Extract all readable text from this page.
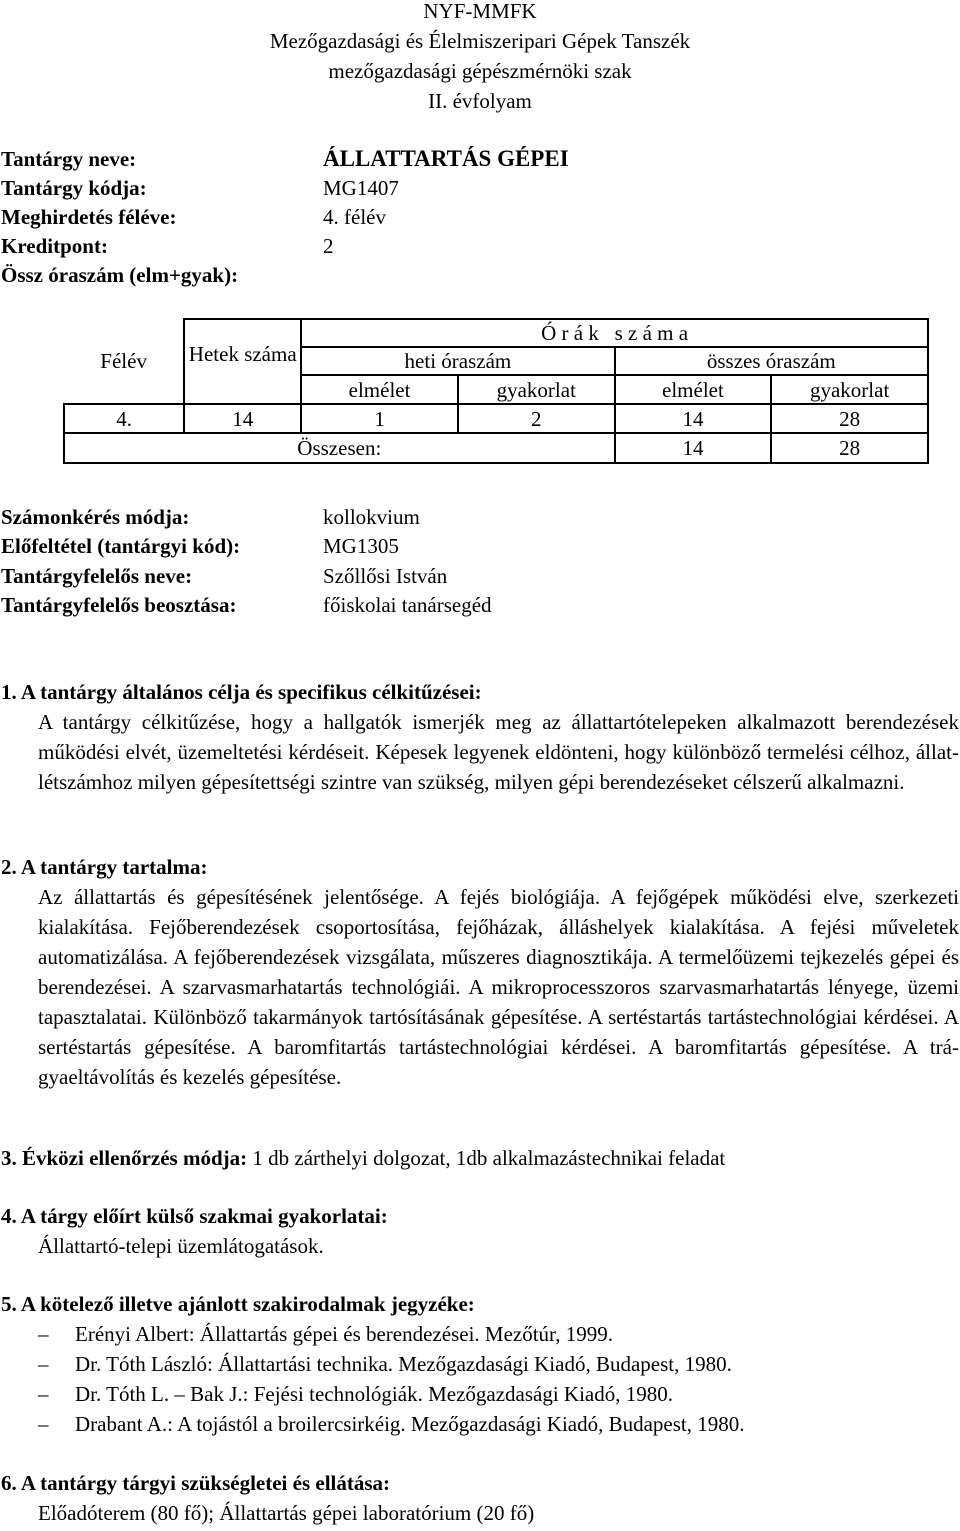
NYF-MMFK
Mezőgazdasági és Élelmiszeripari Gépek Tanszék
mezőgazdasági gépészmérnöki szak
II. évfolyam
Tantárgy neve:	ÁLLATTARTÁS GÉPEI
Tantárgy kódja:	MG1407
Meghirdetés féléve:	4. félév
Kreditpont:	2
Össz óraszám (elm+gyak):
Félév	Hetek száma	Ó r á k   s z á m a			
		heti óraszám		összes óraszám	
		elmélet	gyakorlat	elmélet	gyakorlat
4.	14	1	2	14	28
Összesen:				14	28
Számonkérés módja:	kollokvium
Előfeltétel (tantárgyi kód):	MG1305
Tantárgyfelelős neve:	Szőllősi István
Tantárgyfelelős beosztása:	főiskolai tanársegéd
1. A tantárgy általános célja és specifikus célkitűzései:
A tantárgy célkitűzése, hogy a hallgatók ismerjék meg az állattartótelepeken alkalmazott berendezések működési elvét, üzemeltetési kérdéseit. Képesek legyenek eldönteni, hogy különböző termelési célhoz, állat-létszámhoz milyen gépesítettségi szintre van szükség, milyen gépi berendezéseket célszerű alkalmazni.
2. A tantárgy tartalma:
Az állattartás és gépesítésének jelentősége. A fejés biológiája. A fejőgépek működési elve, szerkezeti kialakítása. Fejőberendezések csoportosítása, fejőházak, álláshelyek kialakítása. A fejési műveletek automatizálása. A fejőberendezések vizsgálata, műszeres diagnosztikája. A termelőüzemi tejkezelés gépei és berendezései. A szarvasmarhatartás technológiái. A mikroprocesszoros szarvasmarhatartás lényege, üzemi tapasztalatai. Különböző takarmányok tartósításának gépesítése. A sertéstartás tartástechnológiai kérdései. A sertéstartás gépesítése. A baromfitartás tartástechnológiai kérdései. A baromfitartás gépesítése. A trágyaeltávolítás és kezelés gépesítése.
3. Évközi ellenőrzés módja: 1 db zárthelyi dolgozat, 1db alkalmazástechnikai feladat
4. A tárgy előírt külső szakmai gyakorlatai:
Állattartó-telepi üzemlátogatások.
5. A kötelező illetve ajánlott szakirodalmak jegyzéke:
– Erényi Albert: Állattartás gépei és berendezései. Mezőtúr, 1999.
– Dr. Tóth László: Állattartási technika. Mezőgazdasági Kiadó, Budapest, 1980.
– Dr. Tóth L. – Bak J.: Fejési technológiák. Mezőgazdasági Kiadó, 1980.
– Drabant A.: A tojástól a broilercsirkéig. Mezőgazdasági Kiadó, Budapest, 1980.
6. A tantárgy tárgyi szükségletei és ellátása:
Előadóterem (80 fő); Állattartás gépei laboratórium (20 fő)
